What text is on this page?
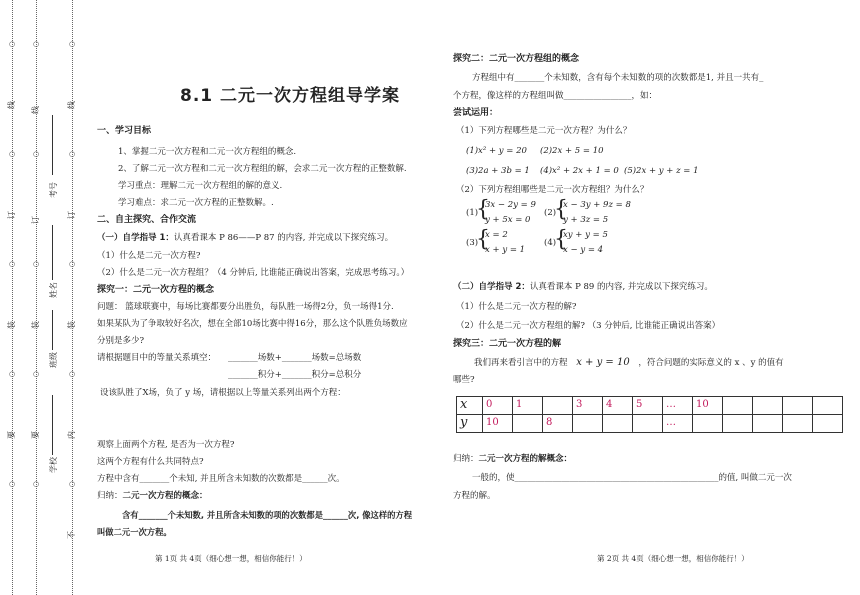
○
○
○
○
○
○
○
○
○
○
○
○
○
○
○
线
订
装
要
线
订
装
要
考号
姓名
班级
学校
线
订
装
内
不
8.1 二元一次方程组导学案
一、学习目标
1、掌握二元一次方程和二元一次方程组的概念.
2、了解二元一次方程和二元一次方程组的解，会求二元一次方程的正整数解.
学习重点：理解二元一次方程组的解的意义.
学习难点：求二元一次方程的正整数解。.
二、自主探究、合作交流
（一）自学指导 1：认真看课本 P 86——P 87 的内容, 并完成以下探究练习。
（1）什么是二元一次方程?
（2）什么是二元一次方程组？（4 分钟后, 比谁能正确说出答案，完成思考练习。）
探究一：二元一次方程的概念
问题： 篮球联赛中，每场比赛都要分出胜负，每队胜一场得2分，负一场得1分.
如果某队为了争取较好名次，想在全部10场比赛中得16分，那么这个队胜负场数应
分别是多少?
请根据题目中的等量关系填空： _______场数+_______场数=总场数
_______积分+_______积分=总积分
设该队胜了X场，负了 y 场，请根据以上等量关系列出两个方程：
观察上面两个方程, 是否为一次方程?
这两个方程有什么共同特点?
方程中含有_______个未知, 并且所含未知数的次数都是______次。
归纳：二元一次方程的概念：
含有_______个未知数, 并且所含未知数的项的次数都是______次, 像这样的方程
叫做二元一次方程。
第 1页 共 4页（细心想一想，相信你能行！）
探究二：二元一次方程组的概念
方程组中有_______个未知数，含有每个未知数的项的次数都是1, 并且一共有_
个方程，像这样的方程组叫做________________，如：
尝试运用：
（1）下列方程哪些是二元一次方程？为什么？
(1)x² + y = 20 (2)2x + 5 = 10
(3)2a + 3b = 1 (4)x² + 2x + 1 = 0 (5)2x + y + z = 1
（2）下列方程组哪些是二元一次方程组？为什么？
(1)
{
3x − 2y = 9
y + 5x = 0
(2)
{
x − 3y + 9z = 8
y + 3z = 5
(3)
{
x = 2
x + y = 1
(4)
{
xy + y = 5
x − y = 4
（二）自学指导 2：认真看课本 P 89 的内容, 并完成以下探究练习。
（1）什么是二元一次方程的解?
（2）什么是二元一次方程组的解? （3 分钟后, 比谁能正确说出答案）
探究三：二元一次方程的解
我们再来看引言中的方程 x + y = 10 ，符合问题的实际意义的 x 、y 的值有
哪些?
x	0	1		3	4	5	…	10				
y	10		8				…					
归纳：二元一次方程的解概念：
一般的，使________________________________________________的值, 叫做二元一次
方程的解。
第 2页 共 4页（细心想一想，相信你能行！）
